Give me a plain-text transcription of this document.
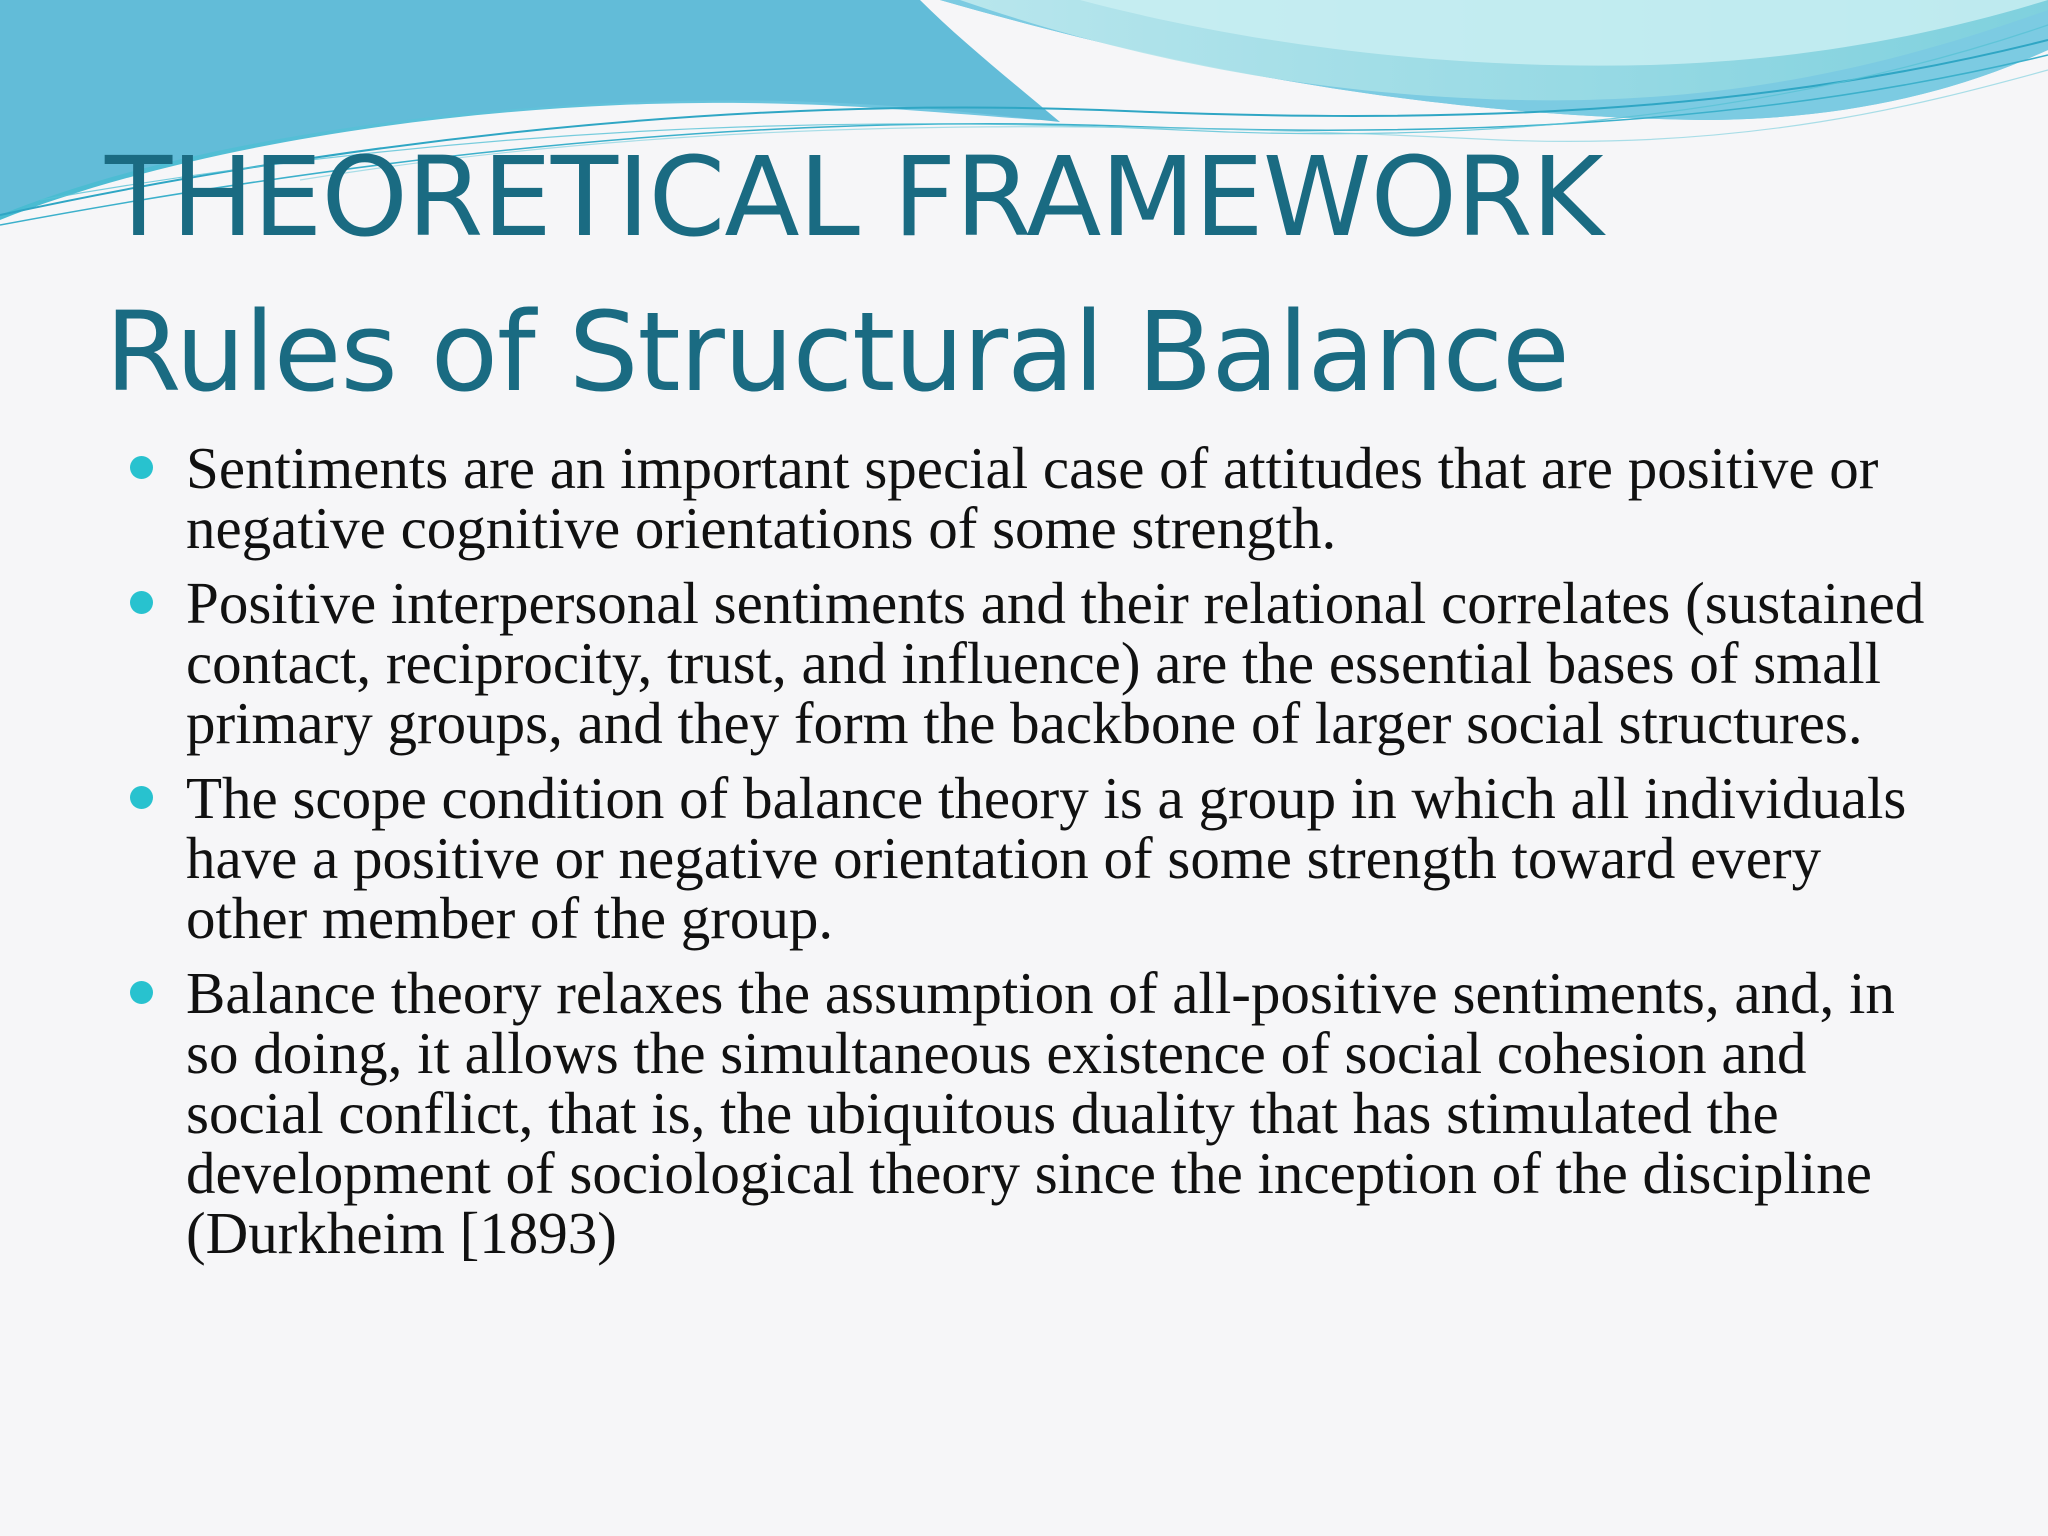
THEORETICAL FRAMEWORK
Rules of Structural Balance
Sentiments are an important special case of attitudes that are positive or negative cognitive orientations of some strength.
Positive interpersonal sentiments and their relational correlates (sustained contact, reciprocity, trust, and influence) are the essential bases of small primary groups, and they form the backbone of larger social structures.
The scope condition of balance theory is a group in which all individuals have a positive or negative orientation of some strength toward every other member of the group.
Balance theory relaxes the assumption of all-positive sentiments, and, in so doing, it allows the simultaneous existence of social cohesion and social conflict, that is, the ubiquitous duality that has stimulated the development of sociological theory since the inception of the discipline (Durkheim [1893)
